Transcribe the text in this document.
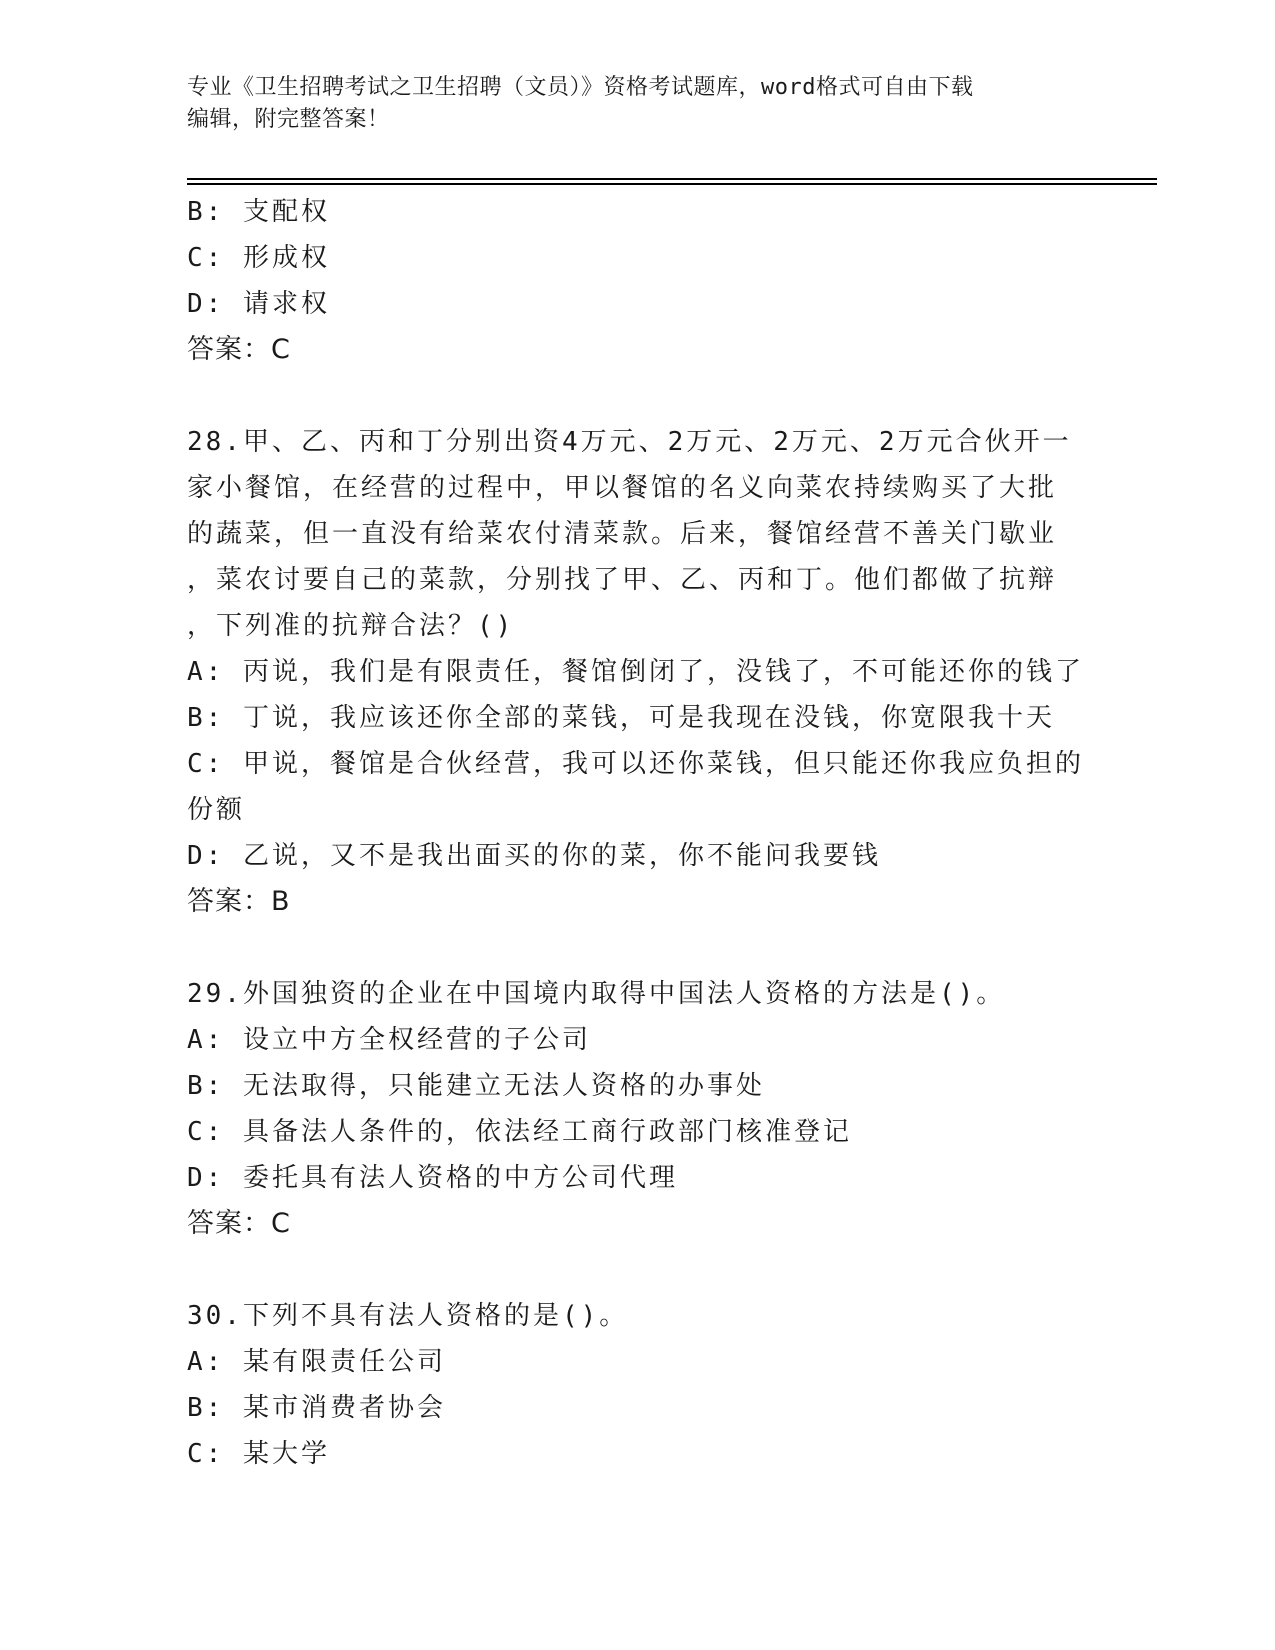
专业《卫生招聘考试之卫生招聘（文员）》资格考试题库，word格式可自由下载
编辑，附完整答案！
B: 支配权
C: 形成权
D: 请求权
答案：C
28.甲、乙、丙和丁分别出资4万元、2万元、2万元、2万元合伙开一
家小餐馆，在经营的过程中，甲以餐馆的名义向菜农持续购买了大批
的蔬菜，但一直没有给菜农付清菜款。后来，餐馆经营不善关门歇业
，菜农讨要自己的菜款，分别找了甲、乙、丙和丁。他们都做了抗辩
，下列准的抗辩合法？()
A: 丙说，我们是有限责任，餐馆倒闭了，没钱了，不可能还你的钱了
B: 丁说，我应该还你全部的菜钱，可是我现在没钱，你宽限我十天
C: 甲说，餐馆是合伙经营，我可以还你菜钱，但只能还你我应负担的
份额
D: 乙说，又不是我出面买的你的菜，你不能问我要钱
答案：B
29.外国独资的企业在中国境内取得中国法人资格的方法是()。
A: 设立中方全权经营的子公司
B: 无法取得，只能建立无法人资格的办事处
C: 具备法人条件的，依法经工商行政部门核准登记
D: 委托具有法人资格的中方公司代理
答案：C
30.下列不具有法人资格的是()。
A: 某有限责任公司
B: 某市消费者协会
C: 某大学
